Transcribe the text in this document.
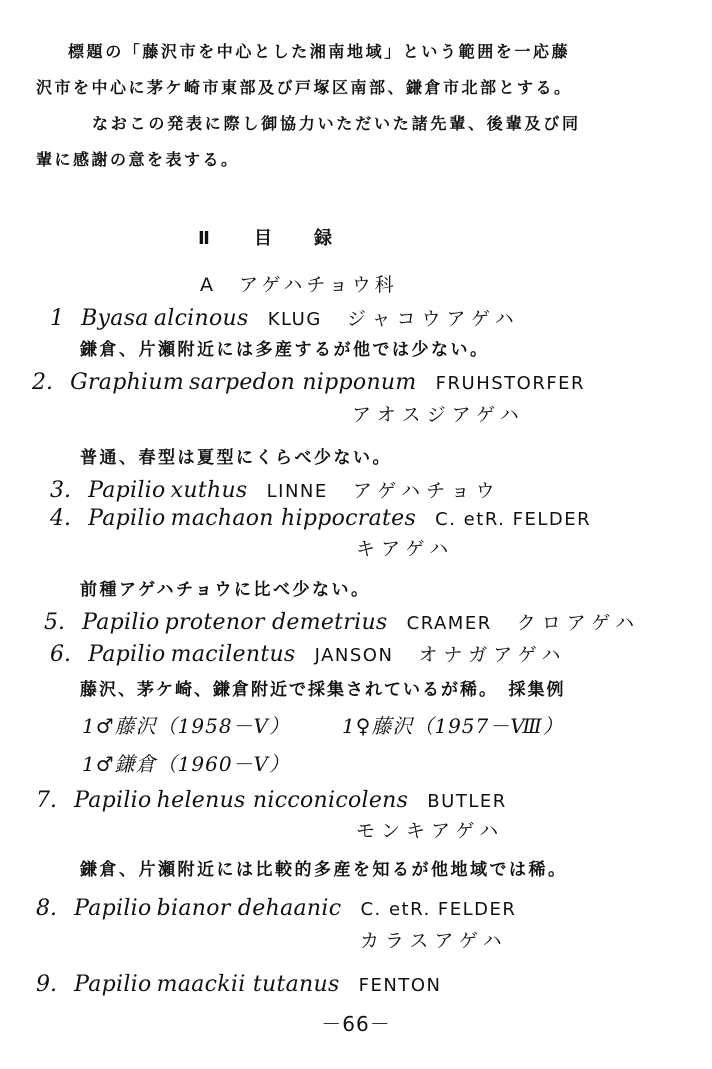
標題の「藤沢市を中心とした湘南地域」という範囲を一応藤
沢市を中心に茅ケ崎市東部及び戸塚区南部、鎌倉市北部とする。
なおこの発表に際し御協力いただいた諸先輩、後輩及び同
輩に感謝の意を表する。
Ⅱ 目 録
A アゲハチョウ科
1 Byasa alcinous KLUG ジャコウアゲハ
鎌倉、片瀬附近には多産するが他では少ない。
2. Graphium sarpedon nipponum FRUHSTORFER
アオスジアゲハ
普通、春型は夏型にくらべ少ない。
3. Papilio xuthus LINNE アゲハチョウ
4. Papilio machaon hippocrates C. etR. FELDER
キアゲハ
前種アゲハチョウに比べ少ない。
5. Papilio protenor demetrius CRAMER クロアゲハ
6. Papilio macilentus JANSON オナガアゲハ
藤沢、茅ケ崎、鎌倉附近で採集されているが稀。　採集例
1♂藤沢（1958－Ⅴ）	1♀藤沢（1957－Ⅷ）
1♂鎌倉（1960－Ⅴ）
7. Papilio helenus nicconicolens BUTLER
モンキアゲハ
鎌倉、片瀬附近には比較的多産を知るが他地域では稀。
8. Papilio bianor dehaanic C. etR. FELDER
カラスアゲハ
9. Papilio maackii tutanus FENTON
－66－
